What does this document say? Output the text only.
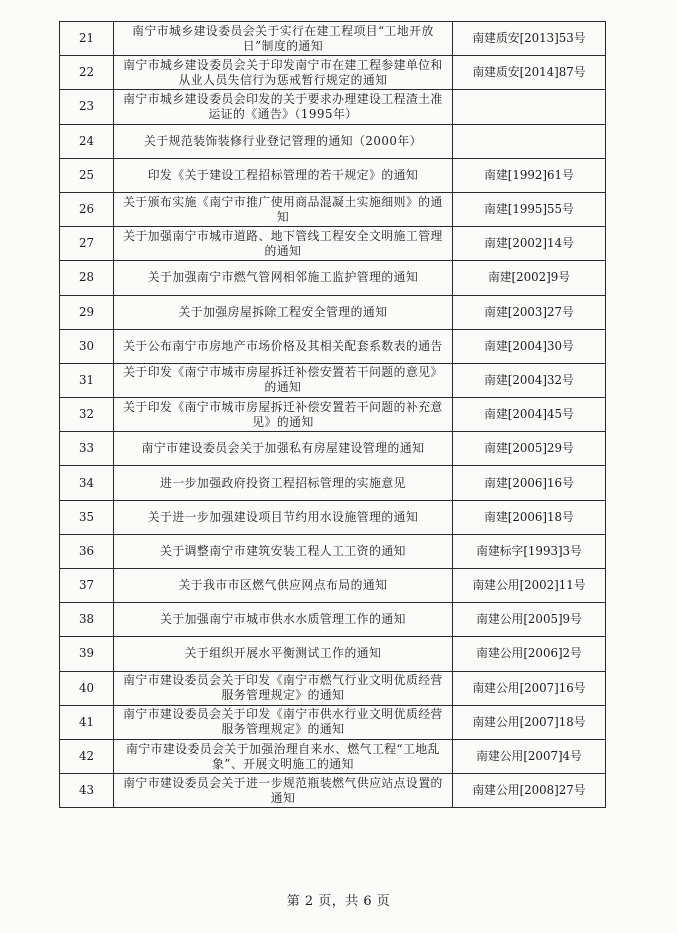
21	南宁市城乡建设委员会关于实行在建工程项目“工地开放日”制度的通知	南建质安[2013]53号
22	南宁市城乡建设委员会关于印发南宁市在建工程参建单位和从业人员失信行为惩戒暂行规定的通知	南建质安[2014]87号
23	南宁市城乡建设委员会印发的关于要求办理建设工程渣土准运证的《通告》（1995年）	
24	关于规范装饰装修行业登记管理的通知（2000年）	
25	印发《关于建设工程招标管理的若干规定》的通知	南建[1992]61号
26	关于颁布实施《南宁市推广使用商品混凝土实施细则》的通知	南建[1995]55号
27	关于加强南宁市城市道路、地下管线工程安全文明施工管理的通知	南建[2002]14号
28	关于加强南宁市燃气管网相邻施工监护管理的通知	南建[2002]9号
29	关于加强房屋拆除工程安全管理的通知	南建[2003]27号
30	关于公布南宁市房地产市场价格及其相关配套系数表的通告	南建[2004]30号
31	关于印发《南宁市城市房屋拆迁补偿安置若干问题的意见》的通知	南建[2004]32号
32	关于印发《南宁市城市房屋拆迁补偿安置若干问题的补充意见》的通知	南建[2004]45号
33	南宁市建设委员会关于加强私有房屋建设管理的通知	南建[2005]29号
34	进一步加强政府投资工程招标管理的实施意见	南建[2006]16号
35	关于进一步加强建设项目节约用水设施管理的通知	南建[2006]18号
36	关于调整南宁市建筑安装工程人工工资的通知	南建标字[1993]3号
37	关于我市市区燃气供应网点布局的通知	南建公用[2002]11号
38	关于加强南宁市城市供水水质管理工作的通知	南建公用[2005]9号
39	关于组织开展水平衡测试工作的通知	南建公用[2006]2号
40	南宁市建设委员会关于印发《南宁市燃气行业文明优质经营服务管理规定》的通知	南建公用[2007]16号
41	南宁市建设委员会关于印发《南宁市供水行业文明优质经营服务管理规定》的通知	南建公用[2007]18号
42	南宁市建设委员会关于加强治理自来水、燃气工程“工地乱象”、开展文明施工的通知	南建公用[2007]4号
43	南宁市建设委员会关于进一步规范瓶装燃气供应站点设置的通知	南建公用[2008]27号
第 2 页，共 6 页
